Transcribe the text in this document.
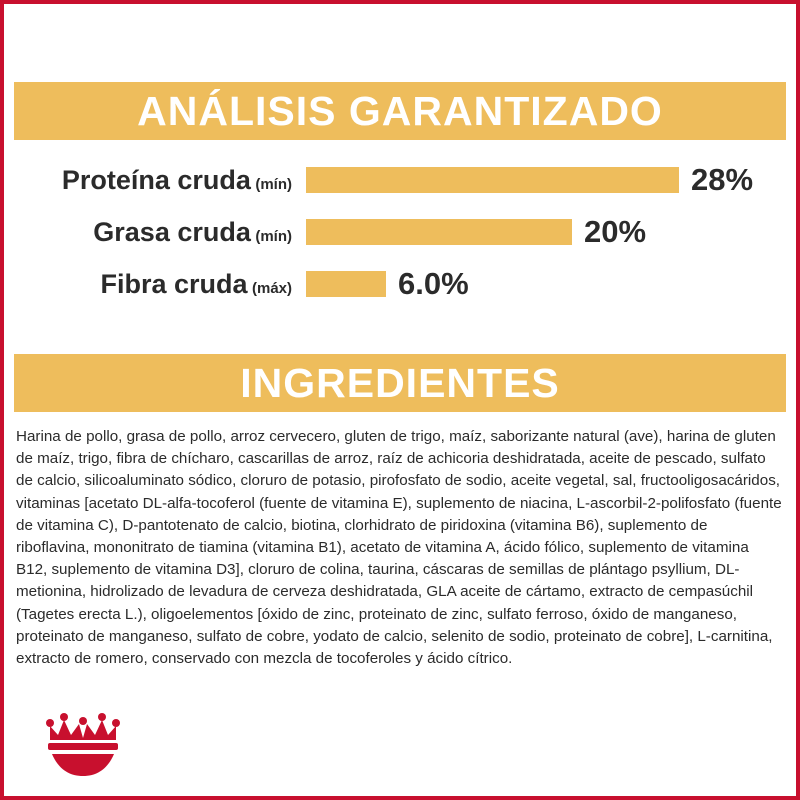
ANÁLISIS GARANTIZADO
Proteína cruda (mín)	28%
Grasa cruda (mín)	20%
Fibra cruda (máx)	6.0%
INGREDIENTES
Harina de pollo, grasa de pollo, arroz cervecero, gluten de trigo, maíz, saborizante natural (ave), harina de gluten de maíz, trigo, fibra de chícharo, cascarillas de arroz, raíz de achicoria deshidratada, aceite de pescado, sulfato de calcio, silicoaluminato sódico, cloruro de potasio, pirofosfato de sodio, aceite vegetal, sal, fructooligosacáridos, vitaminas [acetato DL-alfa-tocoferol (fuente de vitamina E), suplemento de niacina, L-ascorbil-2-polifosfato (fuente de vitamina C), D-pantotenato de calcio, biotina, clorhidrato de piridoxina (vitamina B6), suplemento de riboflavina, mononitrato de tiamina (vitamina B1), acetato de vitamina A, ácido fólico, suplemento de vitamina B12, suplemento de vitamina D3], cloruro de colina, taurina, cáscaras de semillas de plántago psyllium, DL-metionina, hidrolizado de levadura de cerveza deshidratada, GLA aceite de cártamo, extracto de cempasúchil (Tagetes erecta L.), oligoelementos [óxido de zinc, proteinato de zinc, sulfato ferroso, óxido de manganeso, proteinato de manganeso, sulfato de cobre, yodato de calcio, selenito de sodio, proteinato de cobre], L-carnitina, extracto de romero, conservado con mezcla de tocoferoles y ácido cítrico.
